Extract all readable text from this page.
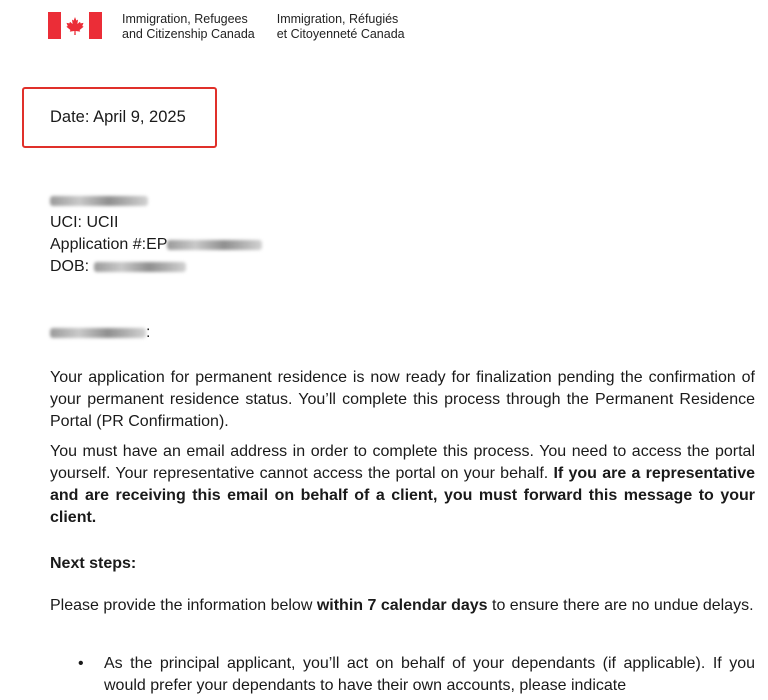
Immigration, Refugees
and Citizenship Canada
Immigration, Réfugiés
et Citoyenneté Canada
Date: April 9, 2025
UCI: UCII
Application #:EP
DOB:
:
Your application for permanent residence is now ready for finalization pending the confirmation of your permanent residence status. You’ll complete this process through the Permanent Residence Portal (PR Confirmation).
You must have an email address in order to complete this process. You need to access the portal yourself. Your representative cannot access the portal on your behalf. If you are a representative and are receiving this email on behalf of a client, you must forward this message to your client.
Next steps:
Please provide the information below within 7 calendar days to ensure there are no undue delays.
• As the principal applicant, you’ll act on behalf of your dependants (if applicable). If you would prefer your dependants to have their own accounts, please indicate
